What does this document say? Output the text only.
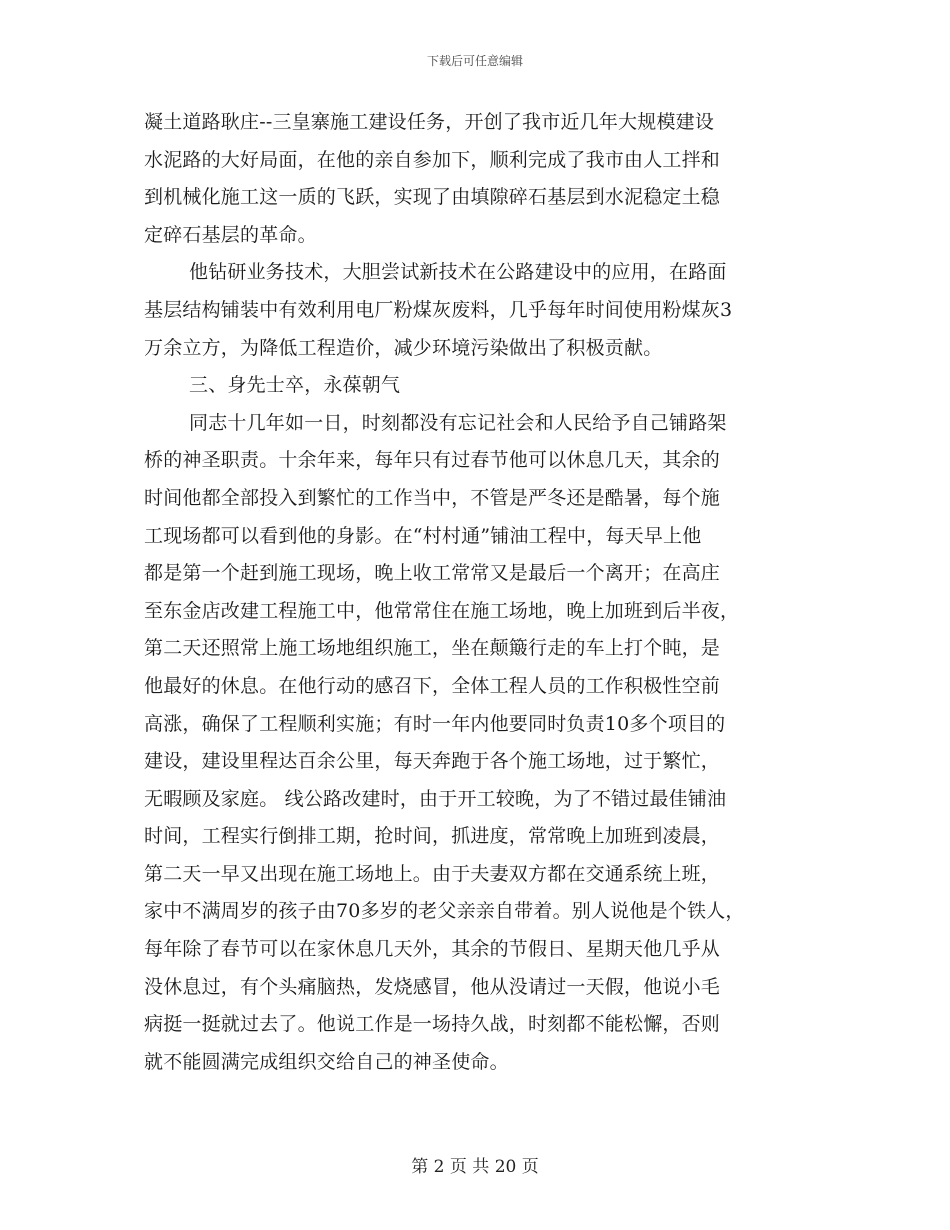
下载后可任意编辑
凝土道路耿庄--三皇寨施工建设任务，开创了我市近几年大规模建设
水泥路的大好局面，在他的亲自参加下，顺利完成了我市由人工拌和
到机械化施工这一质的飞跃，实现了由填隙碎石基层到水泥稳定土稳
定碎石基层的革命。
他钻研业务技术，大胆尝试新技术在公路建设中的应用，在路面
基层结构铺装中有效利用电厂粉煤灰废料，几乎每年时间使用粉煤灰3
万余立方，为降低工程造价，减少环境污染做出了积极贡献。
三、身先士卒，永葆朝气
同志十几年如一日，时刻都没有忘记社会和人民给予自己铺路架
桥的神圣职责。十余年来，每年只有过春节他可以休息几天，其余的
时间他都全部投入到繁忙的工作当中，不管是严冬还是酷暑，每个施
工现场都可以看到他的身影。在“村村通”铺油工程中，每天早上他
都是第一个赶到施工现场，晚上收工常常又是最后一个离开；在高庄
至东金店改建工程施工中，他常常住在施工场地，晚上加班到后半夜，
第二天还照常上施工场地组织施工，坐在颠簸行走的车上打个盹，是
他最好的休息。在他行动的感召下，全体工程人员的工作积极性空前
高涨，确保了工程顺利实施；有时一年内他要同时负责10多个项目的
建设，建设里程达百余公里，每天奔跑于各个施工场地，过于繁忙，
无暇顾及家庭。 线公路改建时，由于开工较晚，为了不错过最佳铺油
时间，工程实行倒排工期，抢时间，抓进度，常常晚上加班到凌晨，
第二天一早又出现在施工场地上。由于夫妻双方都在交通系统上班，
家中不满周岁的孩子由70多岁的老父亲亲自带着。别人说他是个铁人，
每年除了春节可以在家休息几天外，其余的节假日、星期天他几乎从
没休息过，有个头痛脑热，发烧感冒，他从没请过一天假，他说小毛
病挺一挺就过去了。他说工作是一场持久战，时刻都不能松懈，否则
就不能圆满完成组织交给自己的神圣使命。
第 2 页 共 20 页
